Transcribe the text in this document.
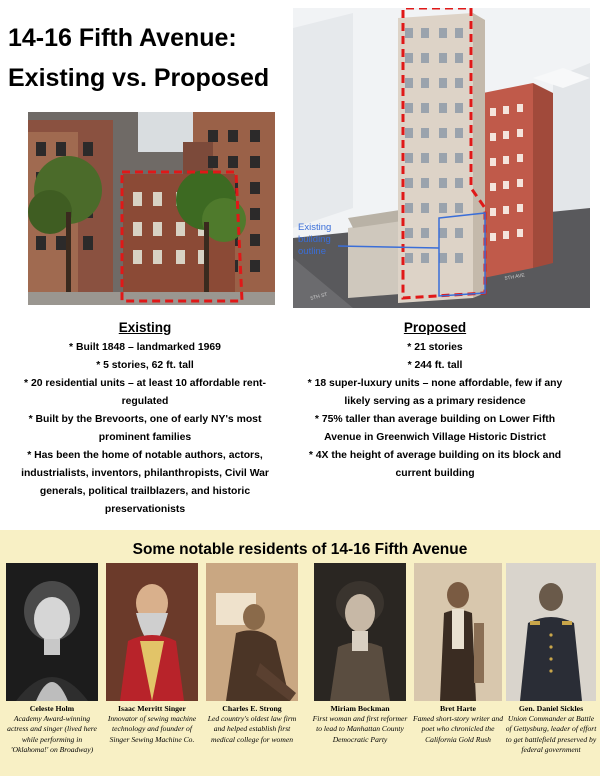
14-16 Fifth Avenue:
Existing vs. Proposed
Existing
building
outline
5TH ST
5TH AVE
Existing

* Built 1848 – landmarked 1969

* 5 stories, 62 ft. tall

* 20 residential units – at least 10 affordable rent-regulated

* Built by the Brevoorts, one of early NY's most prominent families

* Has been the home of notable authors, actors, industrialists, inventors, philanthropists, Civil War generals, political trailblazers, and historic preservationists

Proposed

* 21 stories

* 244 ft. tall

* 18 super-luxury units – none affordable, few if any likely serving as a primary residence

* 75% taller than average building on Lower Fifth Avenue in Greenwich Village Historic District

* 4X the height of average building on its block and current building

Some notable residents of 14-16 Fifth Avenue
Celeste Holm
Academy Award-winning actress and singer (lived here while performing in 'Oklahoma!' on Broadway)
Isaac Merritt Singer
Innovator of sewing machine technology and founder of Singer Sewing Machine Co.
Charles E. Strong
Led country's oldest law firm and helped establish first medical college for women
Miriam Bockman
First woman and first reformer to lead to Manhattan County Democratic Party
Bret Harte
Famed short-story writer and poet who chronicled the California Gold Rush
Gen. Daniel Sickles
Union Commander at Battle of Gettysburg, leader of effort to get battlefield preserved by federal government
